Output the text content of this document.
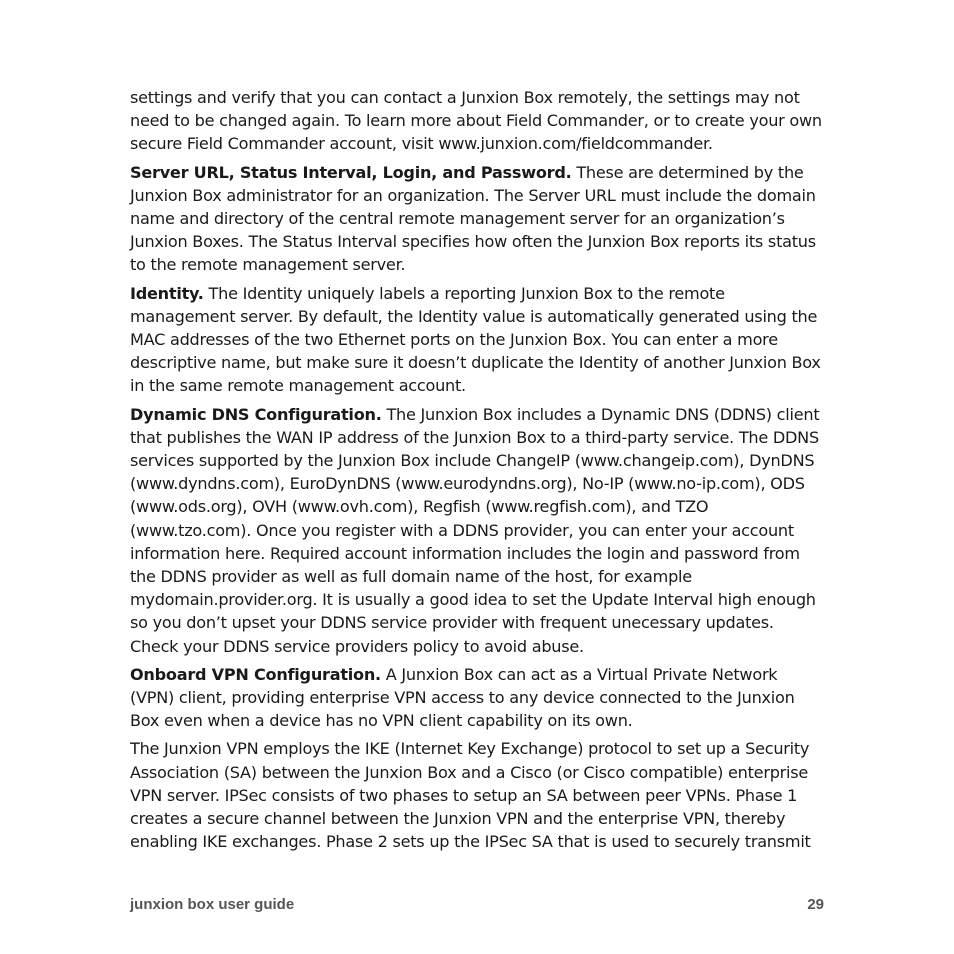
settings and verify that you can contact a Junxion Box remotely, the settings may not need to be changed again. To learn more about Field Commander, or to create your own secure Field Commander account, visit www.junxion.com/fieldcommander.

Server URL, Status Interval, Login, and Password. These are determined by the Junxion Box administrator for an organization. The Server URL must include the domain name and directory of the central remote management server for an organization’s Junxion Boxes. The Status Interval specifies how often the Junxion Box reports its status to the remote management server.

Identity. The Identity uniquely labels a reporting Junxion Box to the remote management server. By default, the Identity value is automatically generated using the MAC addresses of the two Ethernet ports on the Junxion Box. You can enter a more descriptive name, but make sure it doesn’t duplicate the Identity of another Junxion Box in the same remote management account.

Dynamic DNS Configuration. The Junxion Box includes a Dynamic DNS (DDNS) client that publishes the WAN IP address of the Junxion Box to a third-party service. The DDNS services supported by the Junxion Box include ChangeIP (www.changeip.com), DynDNS (www.dyndns.com), EuroDynDNS (www.eurodyndns.org), No-IP (www.no-ip.com), ODS (www.ods.org), OVH (www.ovh.com), Regfish (www.regfish.com), and TZO (www.tzo.com). Once you register with a DDNS provider, you can enter your account information here. Required account information includes the login and password from the DDNS provider as well as full domain name of the host, for example mydomain.provider.org. It is usually a good idea to set the Update Interval high enough so you don’t upset your DDNS service provider with frequent unecessary updates. Check your DDNS service providers policy to avoid abuse.

Onboard VPN Configuration. A Junxion Box can act as a Virtual Private Network (VPN) client, providing enterprise VPN access to any device connected to the Junxion Box even when a device has no VPN client capability on its own.

The Junxion VPN employs the IKE (Internet Key Exchange) protocol to set up a Security Association (SA) between the Junxion Box and a Cisco (or Cisco compatible) enterprise VPN server. IPSec consists of two phases to setup an SA between peer VPNs. Phase 1 creates a secure channel between the Junxion VPN and the enterprise VPN, thereby enabling IKE exchanges. Phase 2 sets up the IPSec SA that is used to securely transmit

junxion box user guide	29
